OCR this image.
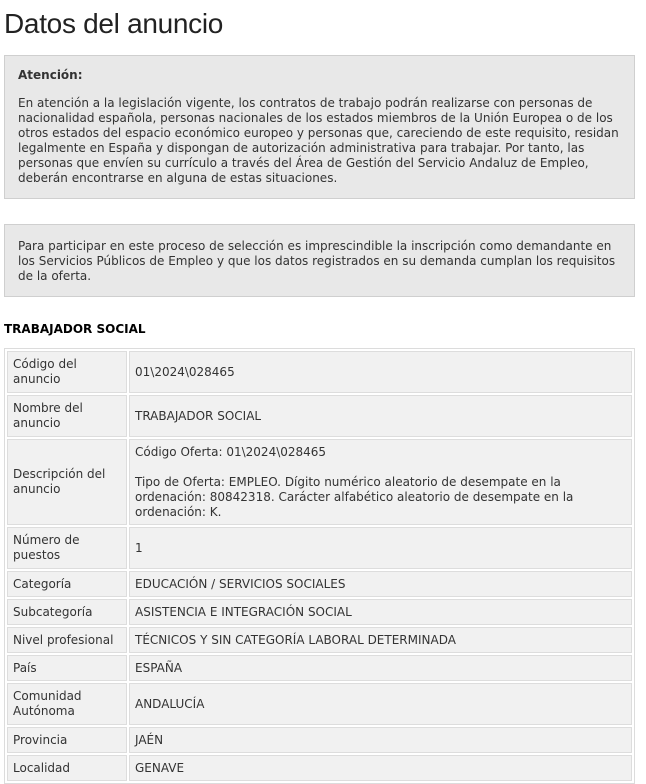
Datos del anuncio
Atención:
En atención a la legislación vigente, los contratos de trabajo podrán realizarse con personas de nacionalidad española, personas nacionales de los estados miembros de la Unión Europea o de los otros estados del espacio económico europeo y personas que, careciendo de este requisito, residan legalmente en España y dispongan de autorización administrativa para trabajar. Por tanto, las personas que envíen su currículo a través del Área de Gestión del Servicio Andaluz de Empleo, deberán encontrarse en alguna de estas situaciones.
Para participar en este proceso de selección es imprescindible la inscripción como demandante en los Servicios Públicos de Empleo y que los datos registrados en su demanda cumplan los requisitos de la oferta.
TRABAJADOR SOCIAL
Código del anuncio	01\2024\028465
Nombre del anuncio	TRABAJADOR SOCIAL
Descripción del anuncio	Código Oferta: 01\2024\028465
Tipo de Oferta: EMPLEO. Dígito numérico aleatorio de desempate en la ordenación: 80842318. Carácter alfabético aleatorio de desempate en la ordenación: K.

Número de puestos	1
Categoría	EDUCACIÓN / SERVICIOS SOCIALES
Subcategoría	ASISTENCIA E INTEGRACIÓN SOCIAL
Nivel profesional	TÉCNICOS Y SIN CATEGORÍA LABORAL DETERMINADA
País	ESPAÑA
Comunidad Autónoma	ANDALUCÍA
Provincia	JAÉN
Localidad	GENAVE
